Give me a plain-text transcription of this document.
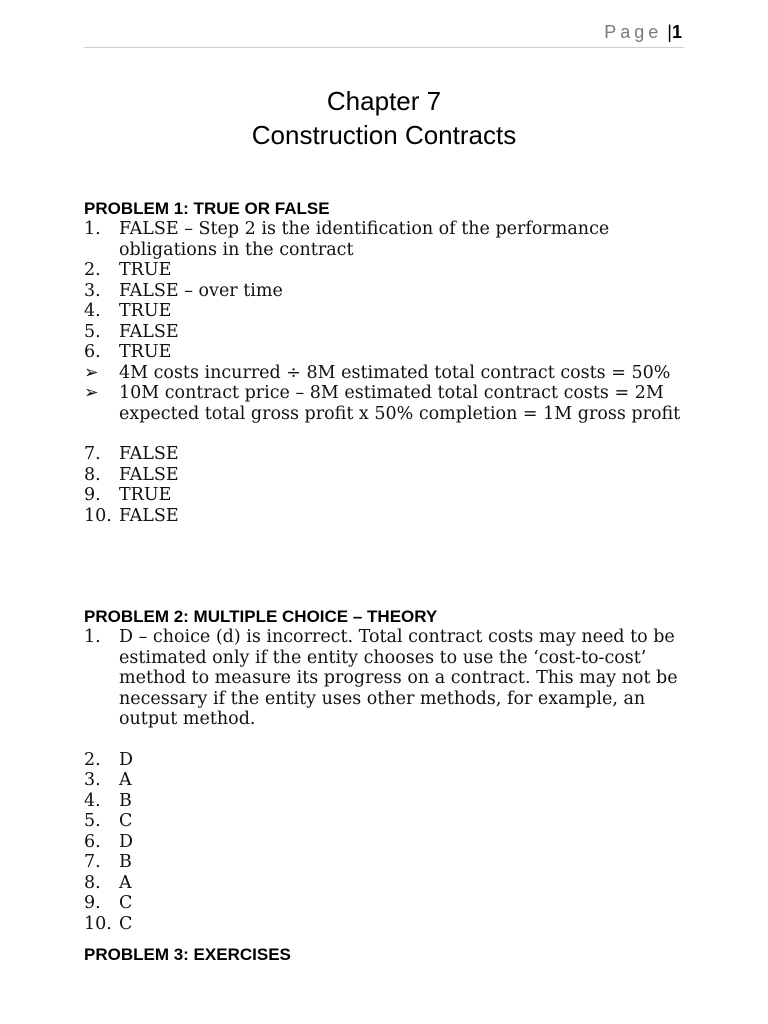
Page |1
Chapter 7
Construction Contracts
PROBLEM 1: TRUE OR FALSE
1.	FALSE – Step 2 is the identification of the performance obligations in the contract
2.	TRUE
3.	FALSE – over time
4.	TRUE
5.	FALSE
6.	TRUE
➢	4M costs incurred ÷ 8M estimated total contract costs = 50%
➢	10M contract price – 8M estimated total contract costs = 2M expected total gross profit x 50% completion = 1M gross profit
7.	FALSE
8.	FALSE
9.	TRUE
10. FALSE
PROBLEM 2: MULTIPLE CHOICE – THEORY
1.	D – choice (d) is incorrect. Total contract costs may need to be estimated only if the entity chooses to use the ‘cost-to-cost’ method to measure its progress on a contract. This may not be necessary if the entity uses other methods, for example, an output method.
2.	D
3.	A
4.	B
5.	C
6.	D
7.	B
8.	A
9.	C
10. C
PROBLEM 3: EXERCISES
